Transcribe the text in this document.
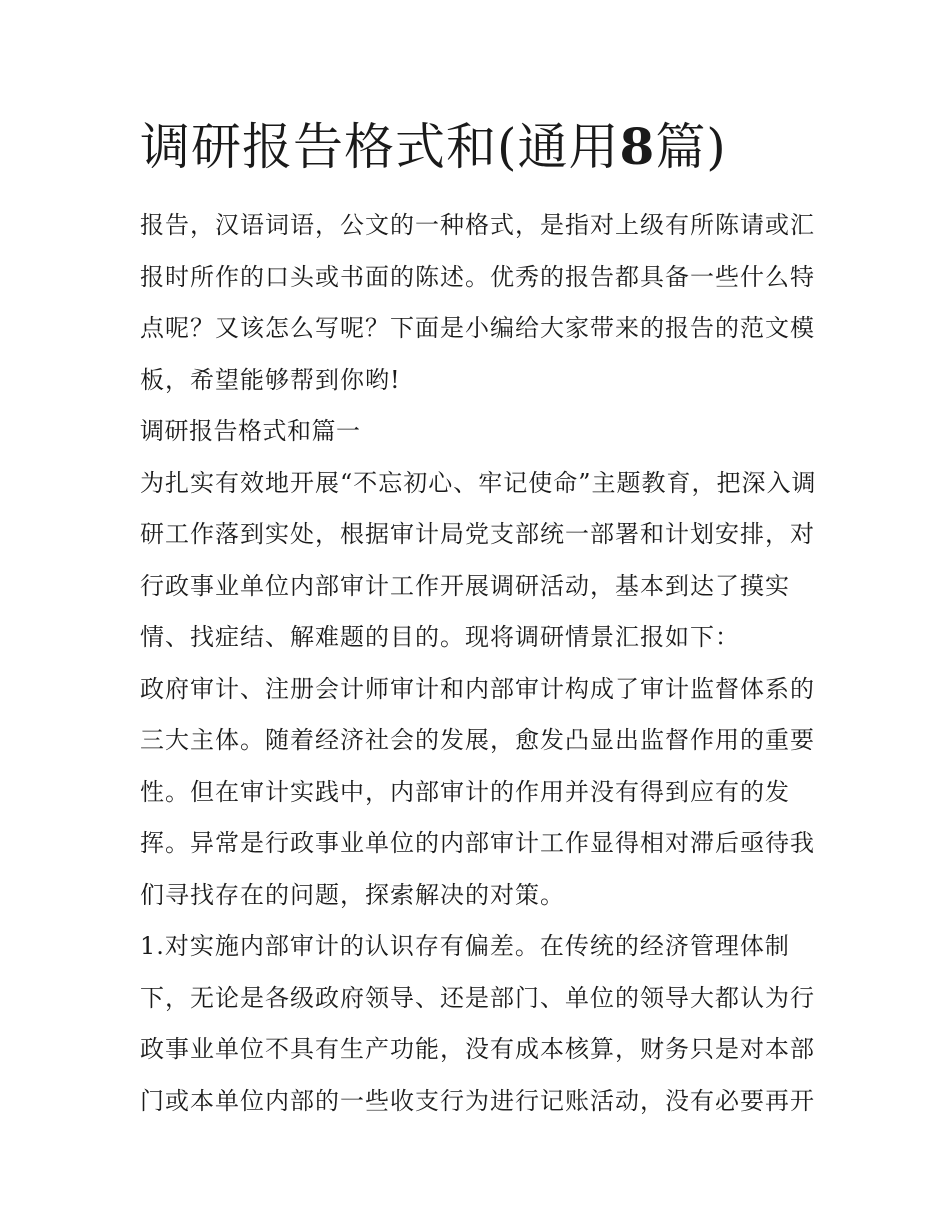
调研报告格式和(通用8篇)

报告，汉语词语，公文的一种格式，是指对上级有所陈请或汇报时所作的口头或书面的陈述。优秀的报告都具备一些什么特点呢？又该怎么写呢？下面是小编给大家带来的报告的范文模板，希望能够帮到你哟!

调研报告格式和篇一

为扎实有效地开展“不忘初心、牢记使命”主题教育，把深入调研工作落到实处，根据审计局党支部统一部署和计划安排，对行政事业单位内部审计工作开展调研活动，基本到达了摸实情、找症结、解难题的目的。现将调研情景汇报如下：

政府审计、注册会计师审计和内部审计构成了审计监督体系的三大主体。随着经济社会的发展，愈发凸显出监督作用的重要性。但在审计实践中，内部审计的作用并没有得到应有的发挥。异常是行政事业单位的内部审计工作显得相对滞后亟待我们寻找存在的问题，探索解决的对策。

1.对实施内部审计的认识存有偏差。在传统的经济管理体制下，无论是各级政府领导、还是部门、单位的领导大都认为行政事业单位不具有生产功能，没有成本核算，财务只是对本部门或本单位内部的一些收支行为进行记账活动，没有必要再开
